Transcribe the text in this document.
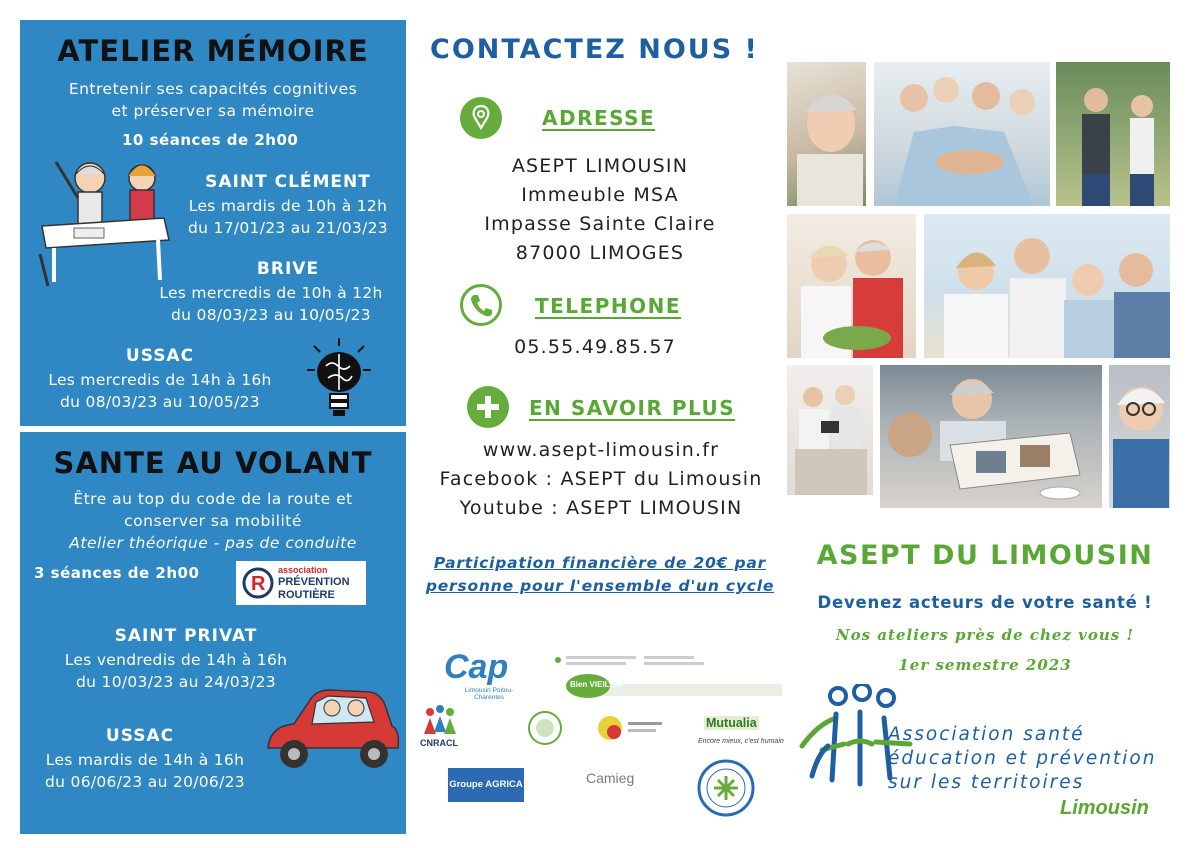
ATELIER MÉMOIRE
Entretenir ses capacités cognitives
et préserver sa mémoire
10 séances de 2h00
SAINT CLÉMENT
Les mardis de 10h à 12h
du 17/01/23 au 21/03/23
BRIVE
Les mercredis de 10h à 12h
du 08/03/23 au 10/05/23
USSAC
Les mercredis de 14h à 16h
du 08/03/23 au 10/05/23
SANTE AU VOLANT
Être au top du code de la route et
conserver sa mobilité
Atelier théorique - pas de conduite
3 séances de 2h00	R
association
PRÉVENTION
ROUTIÈRE
SAINT PRIVAT
Les vendredis de 14h à 16h
du 10/03/23 au 24/03/23
USSAC
Les mardis de 14h à 16h
du 06/06/23 au 20/06/23
CONTACTEZ NOUS !
ADRESSE
ASEPT LIMOUSIN
Immeuble MSA
Impasse Sainte Claire
87000 LIMOGES
TELEPHONE
05.55.49.85.57
EN SAVOIR PLUS
www.asept-limousin.fr
Facebook : ASEPT du Limousin
Youtube : ASEPT LIMOUSIN
Participation financière de 20€ par
personne pour l'ensemble d'un cycle
Cap
Limousin Poitou-Charentes
Bien VIEILLIR
CNRACL
Mutualia
Encore mieux, c'est humain
Groupe AGRICA	Camieg
ASEPT DU LIMOUSIN
Devenez acteurs de votre santé !
Nos ateliers près de chez vous !
1er semestre 2023
Association santé
éducation et prévention
sur les territoires
Limousin
